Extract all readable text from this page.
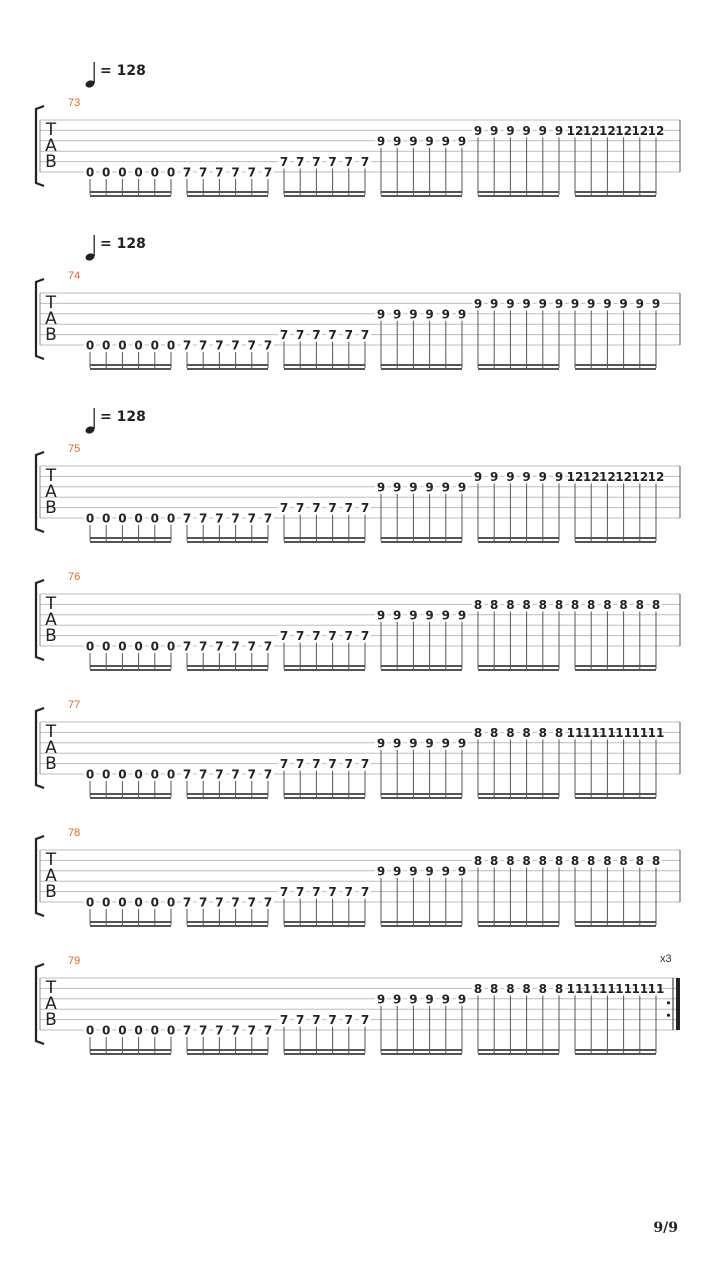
= 128
73
T
A
B
0 0 0 0 0 0 7 7 7 7 7 7
7 7 7 7 7 7
9 9 9 9 9 9
9 9 9 9 9 9 12 12 12 12 12 12
= 128
74
T
A
B
0 0 0 0 0 0 7 7 7 7 7 7
7 7 7 7 7 7
9 9 9 9 9 9
9 9 9 9 9 9 9 9 9 9 9 9
= 128
75
T
A
B
0 0 0 0 0 0 7 7 7 7 7 7
7 7 7 7 7 7
9 9 9 9 9 9
9 9 9 9 9 9 12 12 12 12 12 12
76
T
A
B
0 0 0 0 0 0 7 7 7 7 7 7
7 7 7 7 7 7
9 9 9 9 9 9
8 8 8 8 8 8 8 8 8 8 8 8
77
T
A
B
0 0 0 0 0 0 7 7 7 7 7 7
7 7 7 7 7 7
9 9 9 9 9 9
8 8 8 8 8 8 11 11 11 11 11 11
78
T
A
B
0 0 0 0 0 0 7 7 7 7 7 7
7 7 7 7 7 7
9 9 9 9 9 9
8 8 8 8 8 8 8 8 8 8 8 8
79
T
A
B
0 0 0 0 0 0 7 7 7 7 7 7
7 7 7 7 7 7
9 9 9 9 9 9
8 8 8 8 8 8 11 11 11 11 11 11
x3
9/9
